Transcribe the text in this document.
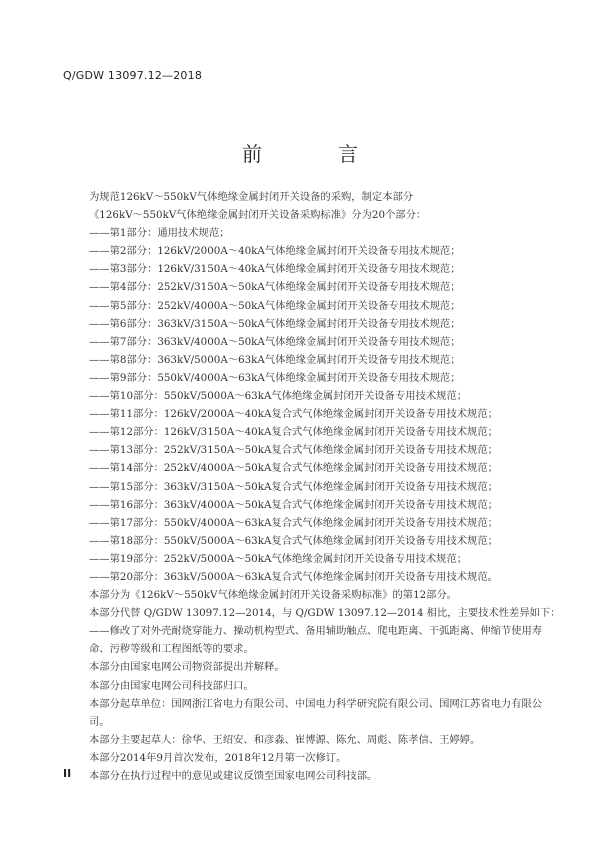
Q/GDW 13097.12—2018
前　言
为规范126kV～550kV气体绝缘金属封闭开关设备的采购，制定本部分
《126kV～550kV气体绝缘金属封闭开关设备采购标准》分为20个部分：
——第1部分：通用技术规范；
——第2部分：126kV/2000A～40kA气体绝缘金属封闭开关设备专用技术规范；
——第3部分：126kV/3150A～40kA气体绝缘金属封闭开关设备专用技术规范；
——第4部分：252kV/3150A～50kA气体绝缘金属封闭开关设备专用技术规范；
——第5部分：252kV/4000A～50kA气体绝缘金属封闭开关设备专用技术规范；
——第6部分：363kV/3150A～50kA气体绝缘金属封闭开关设备专用技术规范；
——第7部分：363kV/4000A～50kA气体绝缘金属封闭开关设备专用技术规范；
——第8部分：363kV/5000A～63kA气体绝缘金属封闭开关设备专用技术规范；
——第9部分：550kV/4000A～63kA气体绝缘金属封闭开关设备专用技术规范；
——第10部分：550kV/5000A～63kA气体绝缘金属封闭开关设备专用技术规范；
——第11部分：126kV/2000A～40kA复合式气体绝缘金属封闭开关设备专用技术规范；
——第12部分：126kV/3150A～40kA复合式气体绝缘金属封闭开关设备专用技术规范；
——第13部分：252kV/3150A～50kA复合式气体绝缘金属封闭开关设备专用技术规范；
——第14部分：252kV/4000A～50kA复合式气体绝缘金属封闭开关设备专用技术规范；
——第15部分：363kV/3150A～50kA复合式气体绝缘金属封闭开关设备专用技术规范；
——第16部分：363kV/4000A～50kA复合式气体绝缘金属封闭开关设备专用技术规范；
——第17部分：550kV/4000A～63kA复合式气体绝缘金属封闭开关设备专用技术规范；
——第18部分：550kV/5000A～63kA复合式气体绝缘金属封闭开关设备专用技术规范；
——第19部分：252kV/5000A～50kA气体绝缘金属封闭开关设备专用技术规范；
——第20部分：363kV/5000A～63kA复合式气体绝缘金属封闭开关设备专用技术规范。
本部分为《126kV～550kV气体绝缘金属封闭开关设备采购标准》的第12部分。
本部分代替 Q/GDW 13097.12—2014，与 Q/GDW 13097.12—2014 相比，主要技术性差异如下：
——修改了对外壳耐烧穿能力、操动机构型式、备用辅助触点、爬电距离、干弧距离、伸缩节使用寿命、污秽等级和工程图纸等的要求。
本部分由国家电网公司物资部提出并解释。
本部分由国家电网公司科技部归口。
本部分起草单位：国网浙江省电力有限公司、中国电力科学研究院有限公司、国网江苏省电力有限公司。
本部分主要起草人：徐华、王绍安、和彦淼、崔博源、陈允、周彪、陈孝信、王婷婷。
本部分2014年9月首次发布，2018年12月第一次修订。
本部分在执行过程中的意见或建议反馈至国家电网公司科技部。
II
